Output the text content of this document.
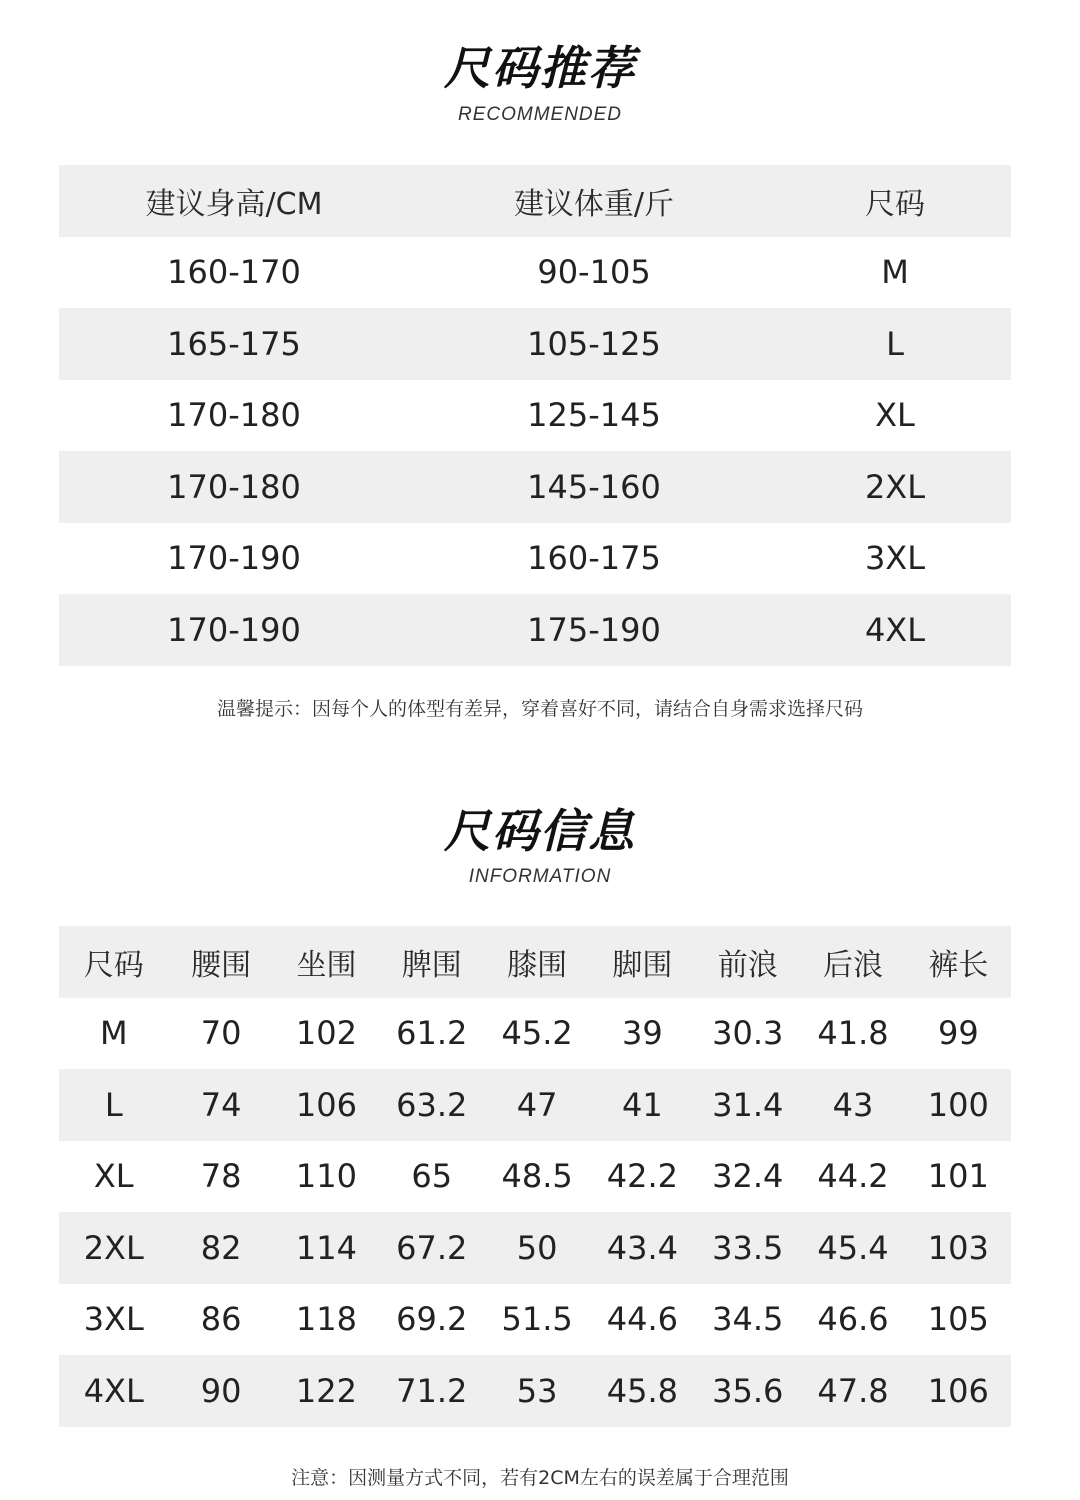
尺码推荐
RECOMMENDED
建议身高/CM	建议体重/斤	尺码
160-170	90-105	M
165-175	105-125	L
170-180	125-145	XL
170-180	145-160	2XL
170-190	160-175	3XL
170-190	175-190	4XL
温馨提示：因每个人的体型有差异，穿着喜好不同，请结合自身需求选择尺码
尺码信息
INFORMATION
尺码	腰围	坐围	脾围	膝围	脚围	前浪	后浪	裤长
M	70	102	61.2	45.2	39	30.3	41.8	99
L	74	106	63.2	47	41	31.4	43	100
XL	78	110	65	48.5	42.2	32.4	44.2	101
2XL	82	114	67.2	50	43.4	33.5	45.4	103
3XL	86	118	69.2	51.5	44.6	34.5	46.6	105
4XL	90	122	71.2	53	45.8	35.6	47.8	106
注意：因测量方式不同，若有2CM左右的误差属于合理范围
